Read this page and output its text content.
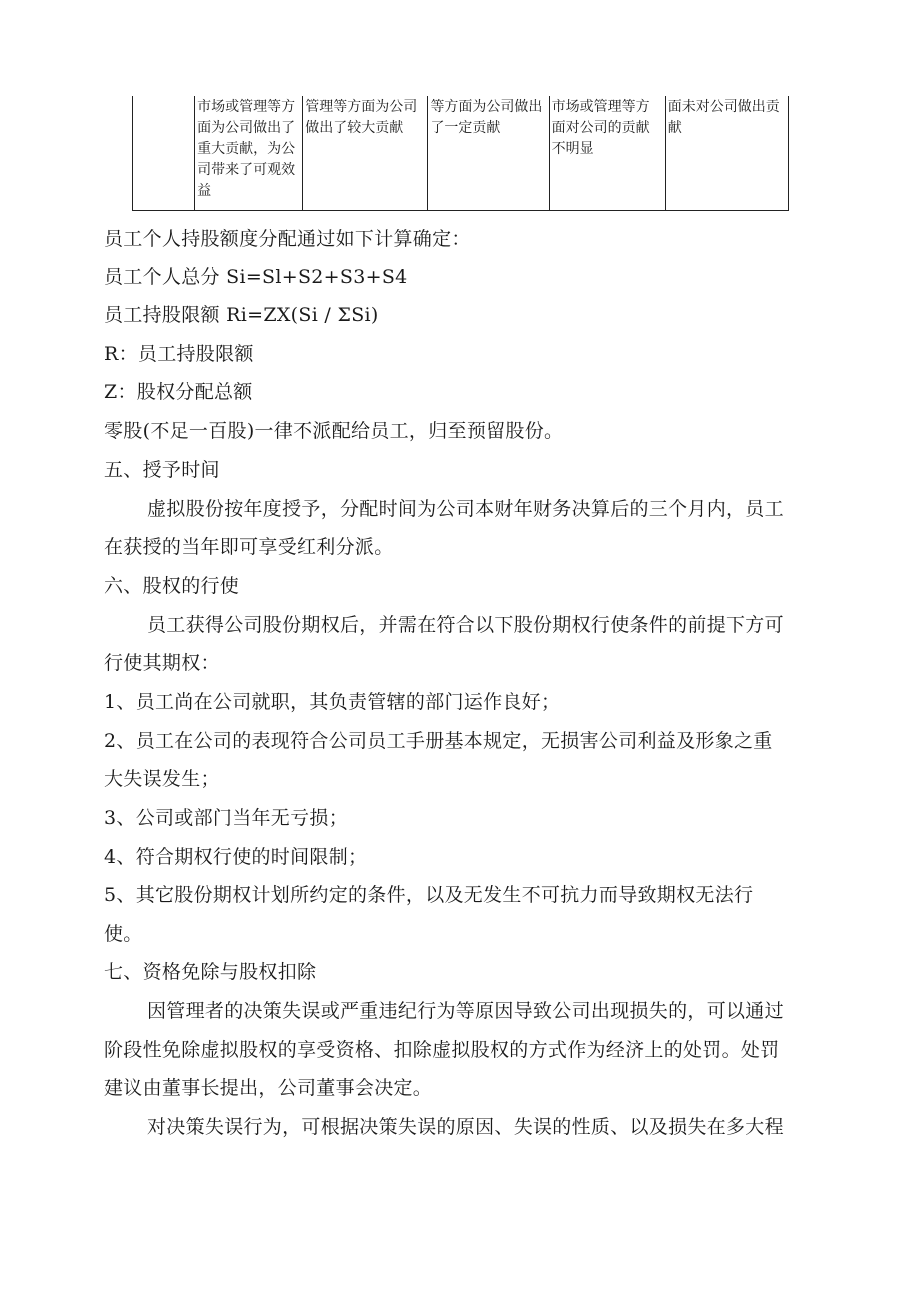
	市场或管理等方面为公司做出了重大贡献，为公司带来了可观效益	管理等方面为公司做出了较大贡献	等方面为公司做出了一定贡献	市场或管理等方面对公司的贡献不明显	面未对公司做出贡献
员工个人持股额度分配通过如下计算确定：
员工个人总分 Si=Sl+S2+S3+S4
员工持股限额 Ri=ZX(Si / ΣSi)
R：员工持股限额
Z：股权分配总额
零股(不足一百股)一律不派配给员工，归至预留股份。
五、授予时间
虚拟股份按年度授予，分配时间为公司本财年财务决算后的三个月内，员工
在获授的当年即可享受红利分派。
六、股权的行使
员工获得公司股份期权后，并需在符合以下股份期权行使条件的前提下方可
行使其期权：
1、员工尚在公司就职，其负责管辖的部门运作良好；
2、员工在公司的表现符合公司员工手册基本规定，无损害公司利益及形象之重
大失误发生；
3、公司或部门当年无亏损；
4、符合期权行使的时间限制；
5、其它股份期权计划所约定的条件，以及无发生不可抗力而导致期权无法行
使。
七、资格免除与股权扣除
因管理者的决策失误或严重违纪行为等原因导致公司出现损失的，可以通过
阶段性免除虚拟股权的享受资格、扣除虚拟股权的方式作为经济上的处罚。处罚
建议由董事长提出，公司董事会决定。
对决策失误行为，可根据决策失误的原因、失误的性质、以及损失在多大程
